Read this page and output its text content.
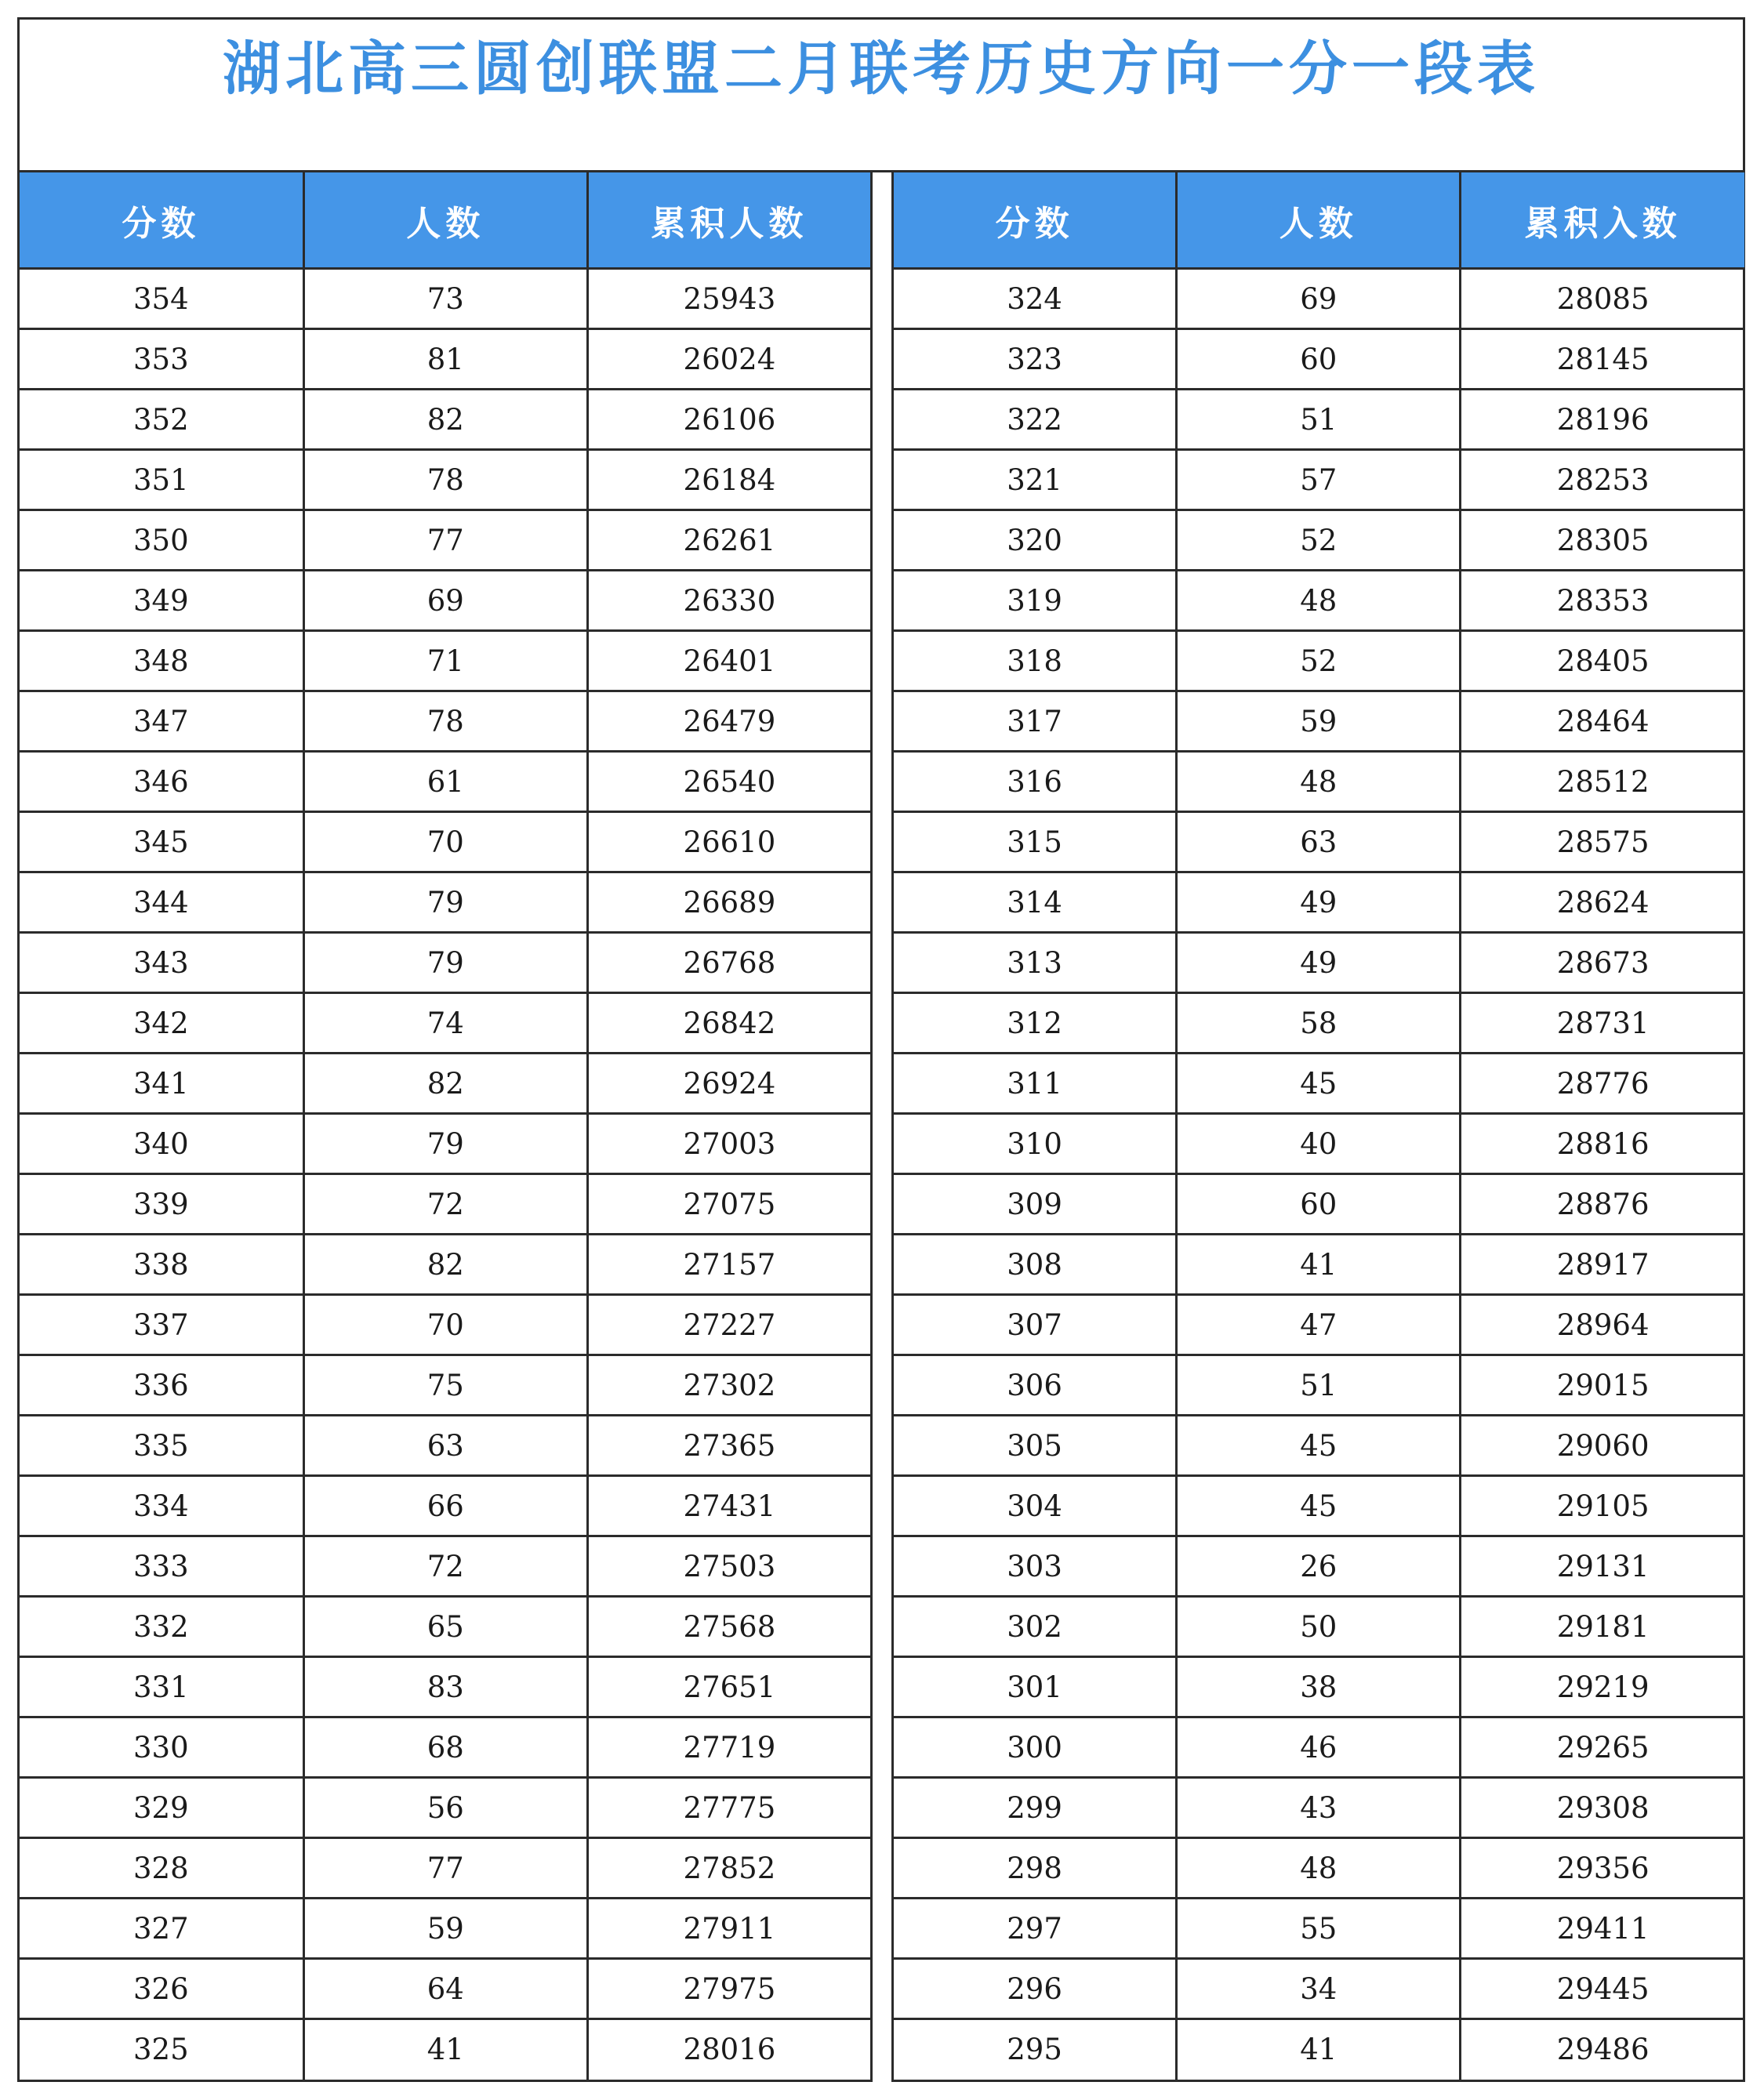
湖北高三圆创联盟二月联考历史方向一分一段表
分数	人数	累积人数
354	73	25943
353	81	26024
352	82	26106
351	78	26184
350	77	26261
349	69	26330
348	71	26401
347	78	26479
346	61	26540
345	70	26610
344	79	26689
343	79	26768
342	74	26842
341	82	26924
340	79	27003
339	72	27075
338	82	27157
337	70	27227
336	75	27302
335	63	27365
334	66	27431
333	72	27503
332	65	27568
331	83	27651
330	68	27719
329	56	27775
328	77	27852
327	59	27911
326	64	27975
325	41	28016
分数	人数	累积入数
324	69	28085
323	60	28145
322	51	28196
321	57	28253
320	52	28305
319	48	28353
318	52	28405
317	59	28464
316	48	28512
315	63	28575
314	49	28624
313	49	28673
312	58	28731
311	45	28776
310	40	28816
309	60	28876
308	41	28917
307	47	28964
306	51	29015
305	45	29060
304	45	29105
303	26	29131
302	50	29181
301	38	29219
300	46	29265
299	43	29308
298	48	29356
297	55	29411
296	34	29445
295	41	29486
